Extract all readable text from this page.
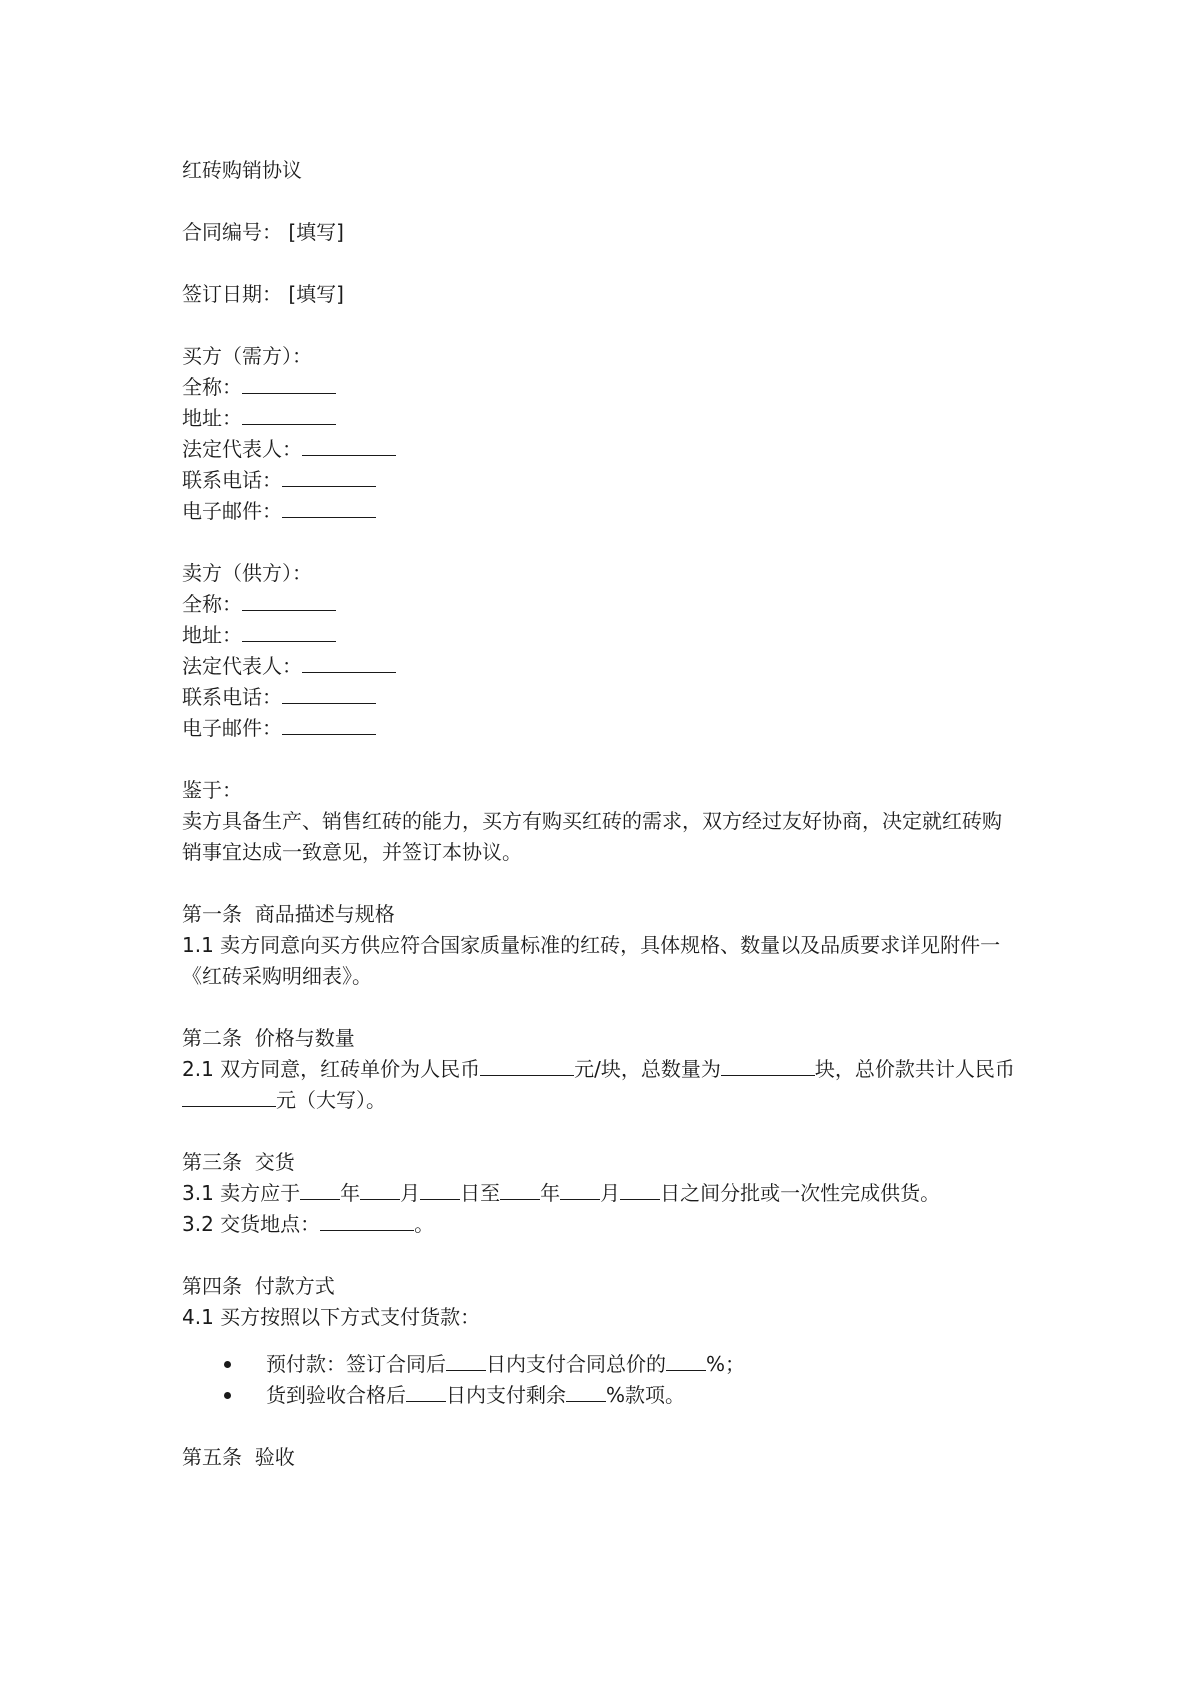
红砖购销协议

合同编号： [填写]

签订日期： [填写]

买方（需方）：

全称：

地址：

法定代表人：

联系电话：

电子邮件：

卖方（供方）：

全称：

地址：

法定代表人：

联系电话：

电子邮件：

鉴于：

卖方具备生产、销售红砖的能力，买方有购买红砖的需求，双方经过友好协商，决定就红砖购销事宜达成一致意见，并签订本协议。

第一条  商品描述与规格

1.1 卖方同意向买方供应符合国家质量标准的红砖，具体规格、数量以及品质要求详见附件一《红砖采购明细表》。

第二条  价格与数量

2.1 双方同意，红砖单价为人民币	元/块，总数量为	块，总价款共计人民币元（大写）。

第三条  交货

3.1 卖方应于 年 月 日至 年 月 日之间分批或一次性完成供货。

3.2 交货地点：	。

第四条  付款方式

4.1 买方按照以下方式支付货款：

预付款：签订合同后 日内支付合同总价的 %；
货到验收合格后 日内支付剩余 %款项。

第五条  验收
